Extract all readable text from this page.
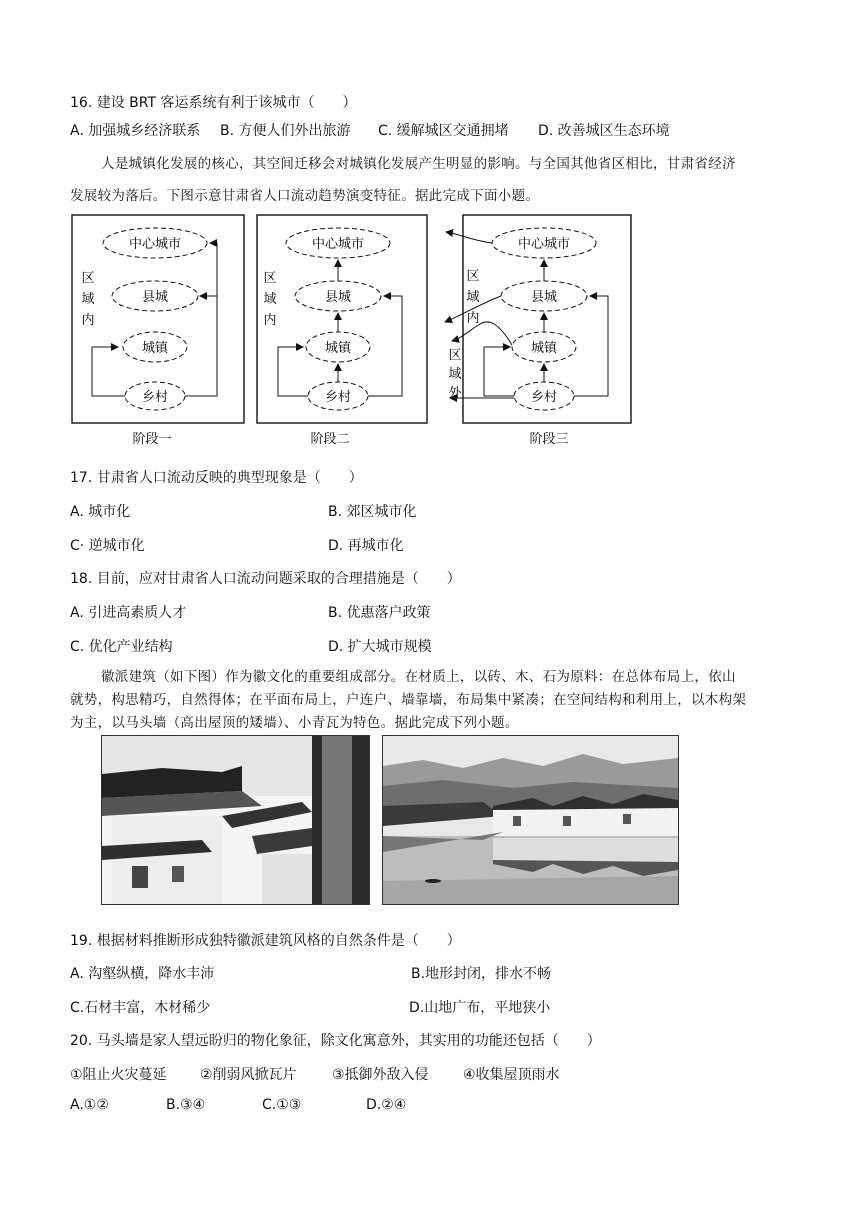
16. 建设 BRT 客运系统有利于该城市（　　）
A. 加强城乡经济联系 B. 方便人们外出旅游 C. 缓解城区交通拥堵 D. 改善城区生态环境
人是城镇化发展的核心，其空间迁移会对城镇化发展产生明显的影响。与全国其他省区相比，甘肃省经济
发展较为落后。下图示意甘肃省人口流动趋势演变特征。据此完成下面小题。
中心城市
县城
城镇
乡村
区
域
内
中心城市
县城
城镇
乡村
区
域
内
中心城市
县城
城镇
乡村
区
域
内
区
域
外
阶段一	阶段二	阶段三
17. 甘肃省人口流动反映的典型现象是（　　）
A. 城市化	B. 郊区城市化
C· 逆城市化	D. 再城市化
18. 目前，应对甘肃省人口流动问题采取的合理措施是（　　）
A. 引进高素质人才	B. 优惠落户政策
C. 优化产业结构	D. 扩大城市规模
徽派建筑（如下图）作为徽文化的重要组成部分。在材质上，以砖、木、石为原料：在总体布局上，依山
就势，构思精巧，自然得体；在平面布局上，户连户、墙靠墙，布局集中紧凑；在空间结构和利用上，以木构架
为主，以马头墙（高出屋顶的矮墙）、小青瓦为特色。据此完成下列小题。
19. 根据材料推断形成独特徽派建筑风格的自然条件是（　　）
A. 沟壑纵横，降水丰沛	B.地形封闭，排水不畅
C.石材丰富，木材稀少	D.山地广布，平地狭小
20. 马头墙是家人望远盼归的物化象征，除文化寓意外，其实用的功能还包括（　　）
①阻止火灾蔓延 ②削弱风掀瓦片	③抵御外敌入侵 ④收集屋顶雨水
A.①②	B.③④	C.①③	D.②④
